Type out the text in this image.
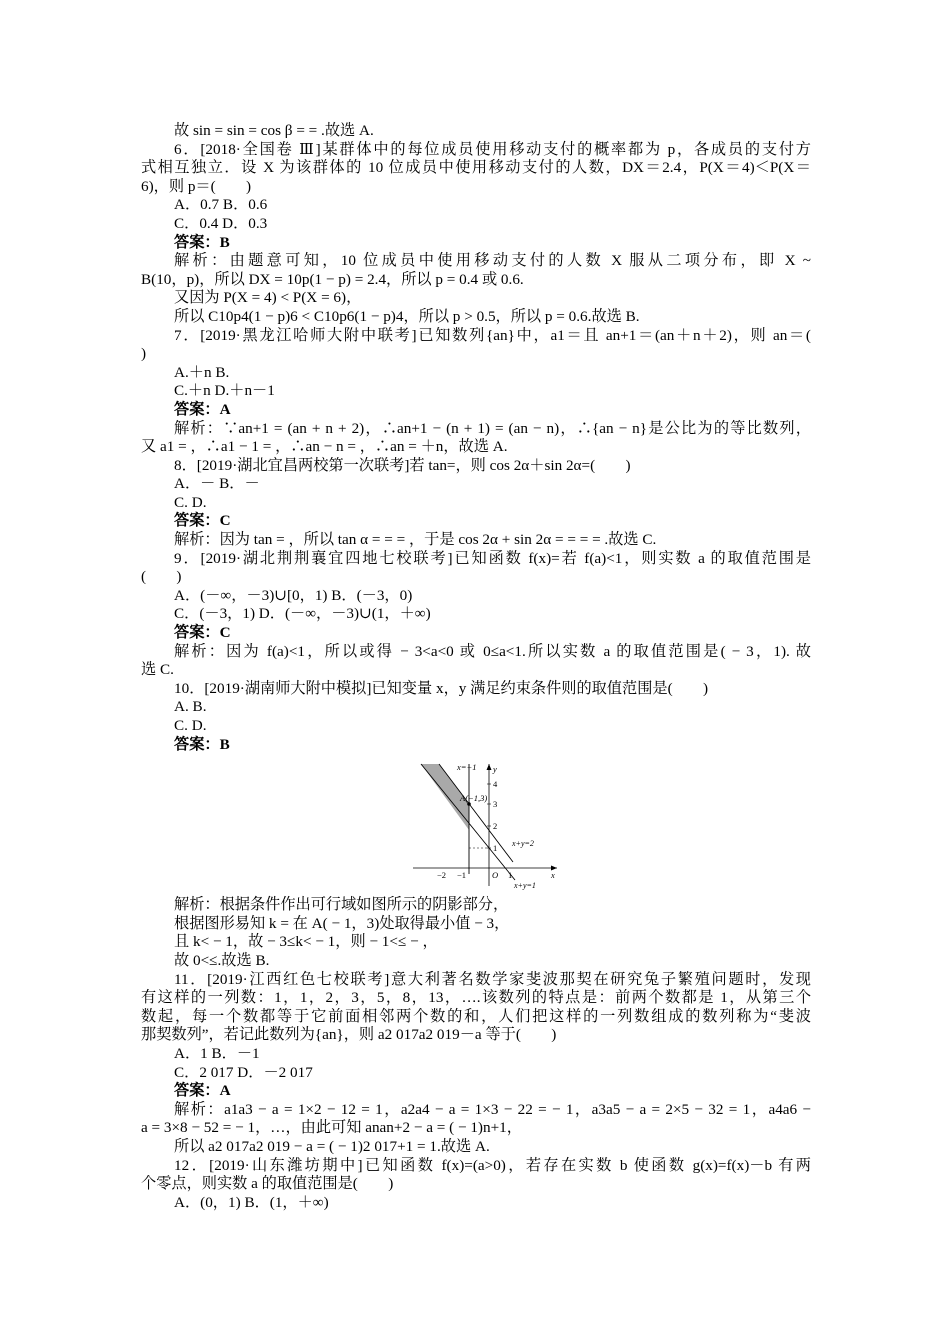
故 sin = sin = cos β = = .故选 A.
6．[2018·全国卷 Ⅲ]某群体中的每位成员使用移动支付的概率都为 p，各成员的支付方
式相互独立．设 X 为该群体的 10 位成员中使用移动支付的人数，DX＝2.4，P(X＝4)＜P(X＝
6)，则 p＝(　　)
A．0.7 B．0.6
C．0.4 D．0.3
答案：B
解析：由题意可知，10 位成员中使用移动支付的人数 X 服从二项分布，即 X ~
B(10，p)，所以 DX = 10p(1 − p) = 2.4，所以 p = 0.4 或 0.6.
又因为 P(X = 4) < P(X = 6)，
所以 C10p4(1 − p)6 < C10p6(1 − p)4，所以 p > 0.5，所以 p = 0.6.故选 B.
7．[2019·黑龙江哈师大附中联考]已知数列{an}中，a1＝且 an+1＝(an＋n＋2)，则 an＝(
)
A.＋n B.
C.＋n D.＋n－1
答案：A
解析：∵an+1 = (an + n + 2)，∴an+1 − (n + 1) = (an − n)，∴{an − n}是公比为的等比数列，
又 a1 = ，∴a1 − 1 = ，∴an − n = ，∴an = ＋n，故选 A.
8．[2019·湖北宜昌两校第一次联考]若 tan=，则 cos 2α＋sin 2α=(　　)
A．－ B．－
C. D.
答案：C
解析：因为 tan = ，所以 tan α = = = ，于是 cos 2α + sin 2α = = = = .故选 C.
9．[2019·湖北荆荆襄宜四地七校联考]已知函数 f(x)=若 f(a)<1，则实数 a 的取值范围是
(　　)
A．(－∞，－3)∪[0，1) B．(－3，0)
C．(－3，1) D．(－∞，－3)∪(1，＋∞)
答案：C
解析：因为 f(a)<1，所以或得 − 3<a<0 或 0≤a<1.所以实数 a 的取值范围是( − 3，1). 故
选 C.
10．[2019·湖南师大附中模拟]已知变量 x，y 满足约束条件则的取值范围是(　　)
A. B.
C. D.
答案：B
x=−1 y
x
O
A(−1,3)
x+y=2
x+y=1
4
3
2
1
−2 −1	1
解析：根据条件作出可行域如图所示的阴影部分，
根据图形易知 k = 在 A( − 1，3)处取得最小值 − 3，
且 k< − 1，故 − 3≤k< − 1，则 − 1<≤ − ，
故 0<≤.故选 B.
11．[2019·江西红色七校联考]意大利著名数学家斐波那契在研究兔子繁殖问题时，发现
有这样的一列数：1，1，2，3，5，8，13，….该数列的特点是：前两个数都是 1，从第三个
数起，每一个数都等于它前面相邻两个数的和，人们把这样的一列数组成的数列称为“斐波
那契数列”，若记此数列为{an}，则 a2 017a2 019－a 等于(　　)
A．1 B．－1
C．2 017 D．－2 017
答案：A
解析：a1a3 − a = 1×2 − 12 = 1，a2a4 − a = 1×3 − 22 = − 1，a3a5 − a = 2×5 − 32 = 1，a4a6 −
a = 3×8 − 52 = − 1，…，由此可知 anan+2 − a = ( − 1)n+1，
所以 a2 017a2 019 − a = ( − 1)2 017+1 = 1.故选 A.
12．[2019·山东潍坊期中]已知函数 f(x)=(a>0)，若存在实数 b 使函数 g(x)=f(x)－b 有两
个零点，则实数 a 的取值范围是(　　)
A．(0，1) B．(1，＋∞)
